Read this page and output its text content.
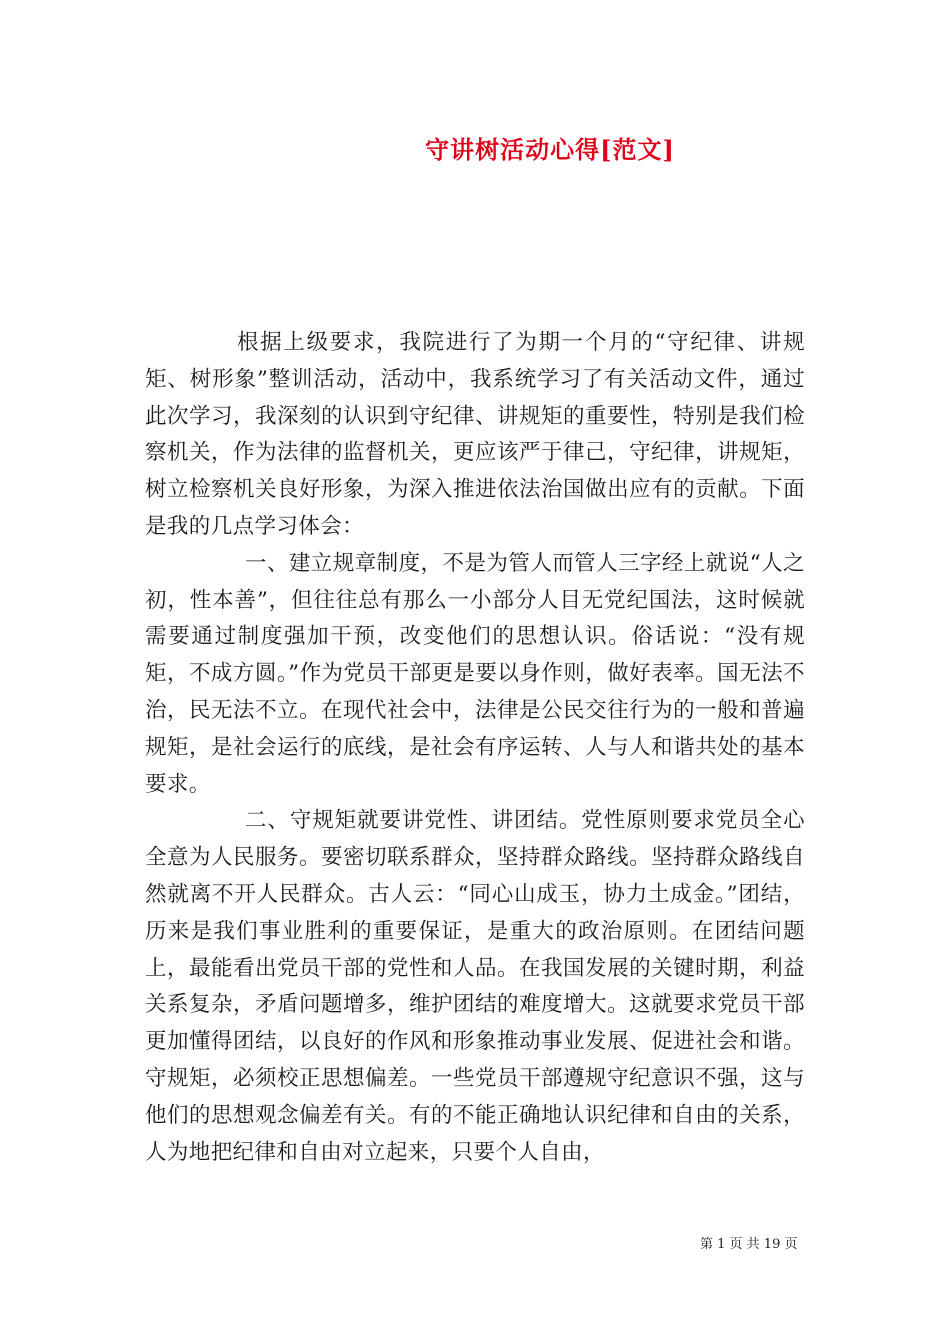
守讲树活动心得[范文]

根据上级要求，我院进行了为期一个月的“守纪律、讲规矩、树形象”整训活动，活动中，我系统学习了有关活动文件，通过此次学习，我深刻的认识到守纪律、讲规矩的重要性，特别是我们检察机关，作为法律的监督机关，更应该严于律己，守纪律，讲规矩，树立检察机关良好形象，为深入推进依法治国做出应有的贡献。下面是我的几点学习体会：

一、建立规章制度，不是为管人而管人三字经上就说“人之初，性本善”，但往往总有那么一小部分人目无党纪国法，这时候就需要通过制度强加干预，改变他们的思想认识。俗话说：“没有规矩，不成方圆。”作为党员干部更是要以身作则，做好表率。国无法不治，民无法不立。在现代社会中，法律是公民交往行为的一般和普遍规矩，是社会运行的底线，是社会有序运转、人与人和谐共处的基本要求。

二、守规矩就要讲党性、讲团结。党性原则要求党员全心全意为人民服务。要密切联系群众，坚持群众路线。坚持群众路线自然就离不开人民群众。古人云：“同心山成玉，协力土成金。”团结，历来是我们事业胜利的重要保证，是重大的政治原则。在团结问题上，最能看出党员干部的党性和人品。在我国发展的关键时期，利益关系复杂，矛盾问题增多，维护团结的难度增大。这就要求党员干部更加懂得团结，以良好的作风和形象推动事业发展、促进社会和谐。守规矩，必须校正思想偏差。一些党员干部遵规守纪意识不强，这与他们的思想观念偏差有关。有的不能正确地认识纪律和自由的关系，人为地把纪律和自由对立起来，只要个人自由，

第 1 页 共 19 页
